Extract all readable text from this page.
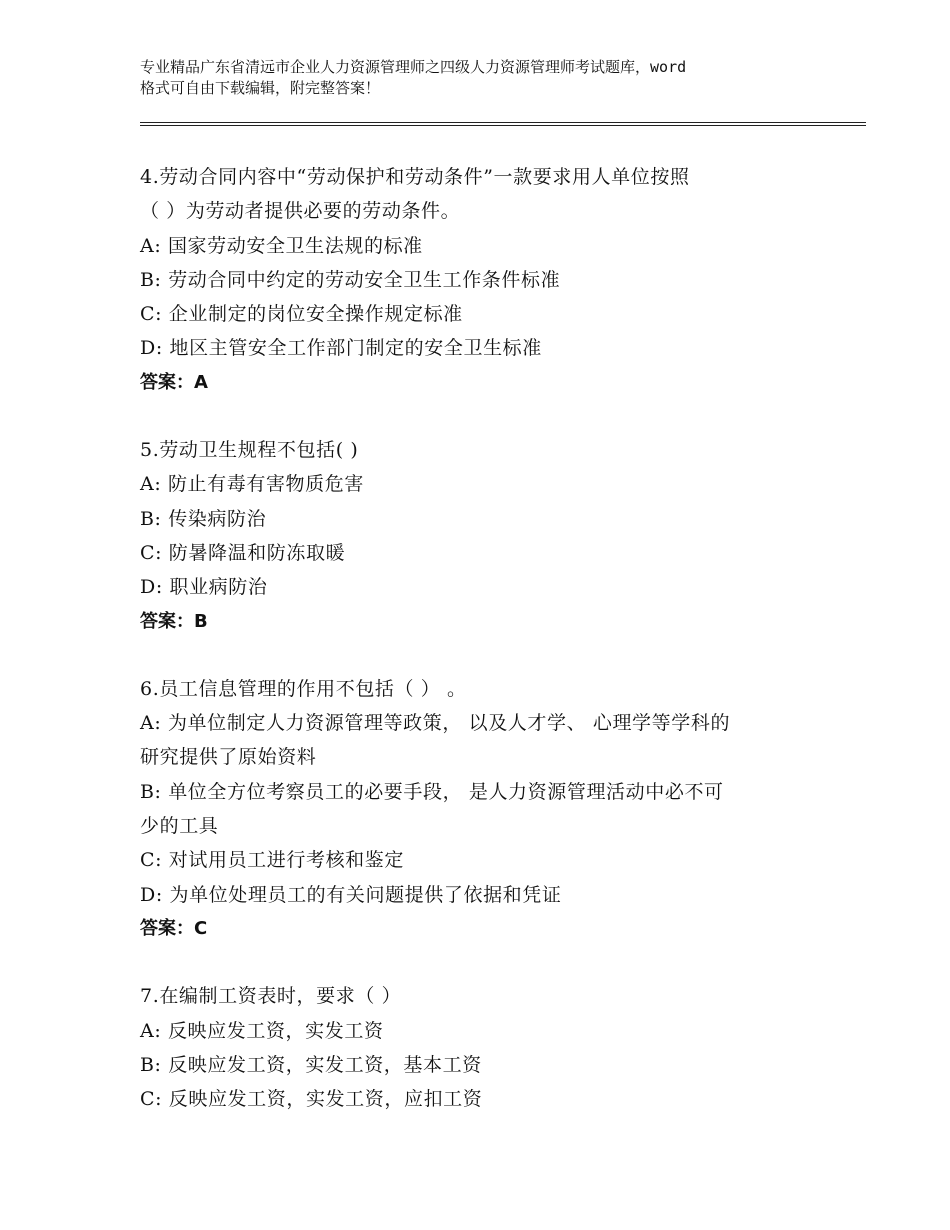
专业精品广东省清远市企业人力资源管理师之四级人力资源管理师考试题库，word
格式可自由下载编辑，附完整答案！
4.劳动合同内容中“劳动保护和劳动条件”一款要求用人单位按照
（ ）为劳动者提供必要的劳动条件。
A: 国家劳动安全卫生法规的标准
B: 劳动合同中约定的劳动安全卫生工作条件标准
C: 企业制定的岗位安全操作规定标准
D: 地区主管安全工作部门制定的安全卫生标准
答案：A
5.劳动卫生规程不包括( )
A: 防止有毒有害物质危害
B: 传染病防治
C: 防暑降温和防冻取暖
D: 职业病防治
答案：B
6.员工信息管理的作用不包括（ ） 。
A: 为单位制定人力资源管理等政策， 以及人才学、 心理学等学科的
研究提供了原始资料
B: 单位全方位考察员工的必要手段， 是人力资源管理活动中必不可
少的工具
C: 对试用员工进行考核和鉴定
D: 为单位处理员工的有关问题提供了依据和凭证
答案：C
7.在编制工资表时，要求（ ）
A: 反映应发工资，实发工资
B: 反映应发工资，实发工资，基本工资
C: 反映应发工资，实发工资，应扣工资
